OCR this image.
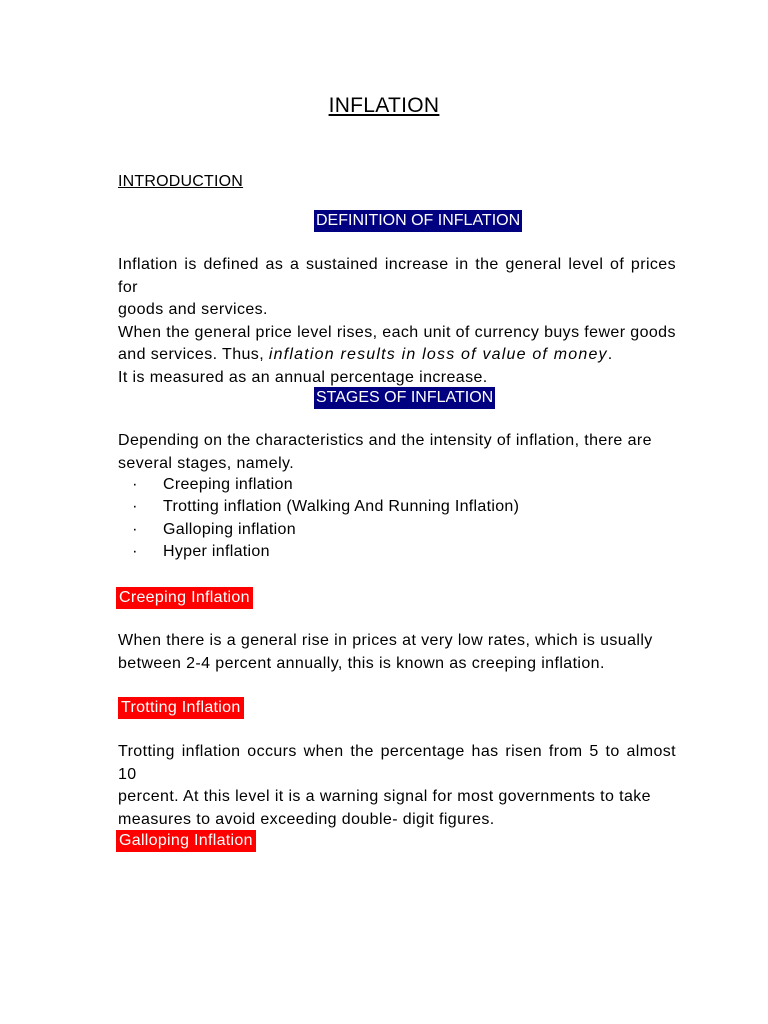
INFLATION
INTRODUCTION
DEFINITION OF INFLATION
Inflation is defined as a sustained increase in the general level of prices for
goods and services.
When the general price level rises, each unit of currency buys fewer goods
and services. Thus, inflation results in loss of value of money.
It is measured as an annual percentage increase.
STAGES OF INFLATION
Depending on the characteristics and the intensity of inflation, there are
several stages, namely.
· Creeping inflation
· Trotting inflation (Walking And Running Inflation)
· Galloping inflation
· Hyper inflation
Creeping Inflation
When there is a general rise in prices at very low rates, which is usually
between 2-4 percent annually, this is known as creeping inflation.
Trotting Inflation
Trotting inflation occurs when the percentage has risen from 5 to almost 10
percent. At this level it is a warning signal for most governments to take
measures to avoid exceeding double- digit figures.
Galloping Inflation
